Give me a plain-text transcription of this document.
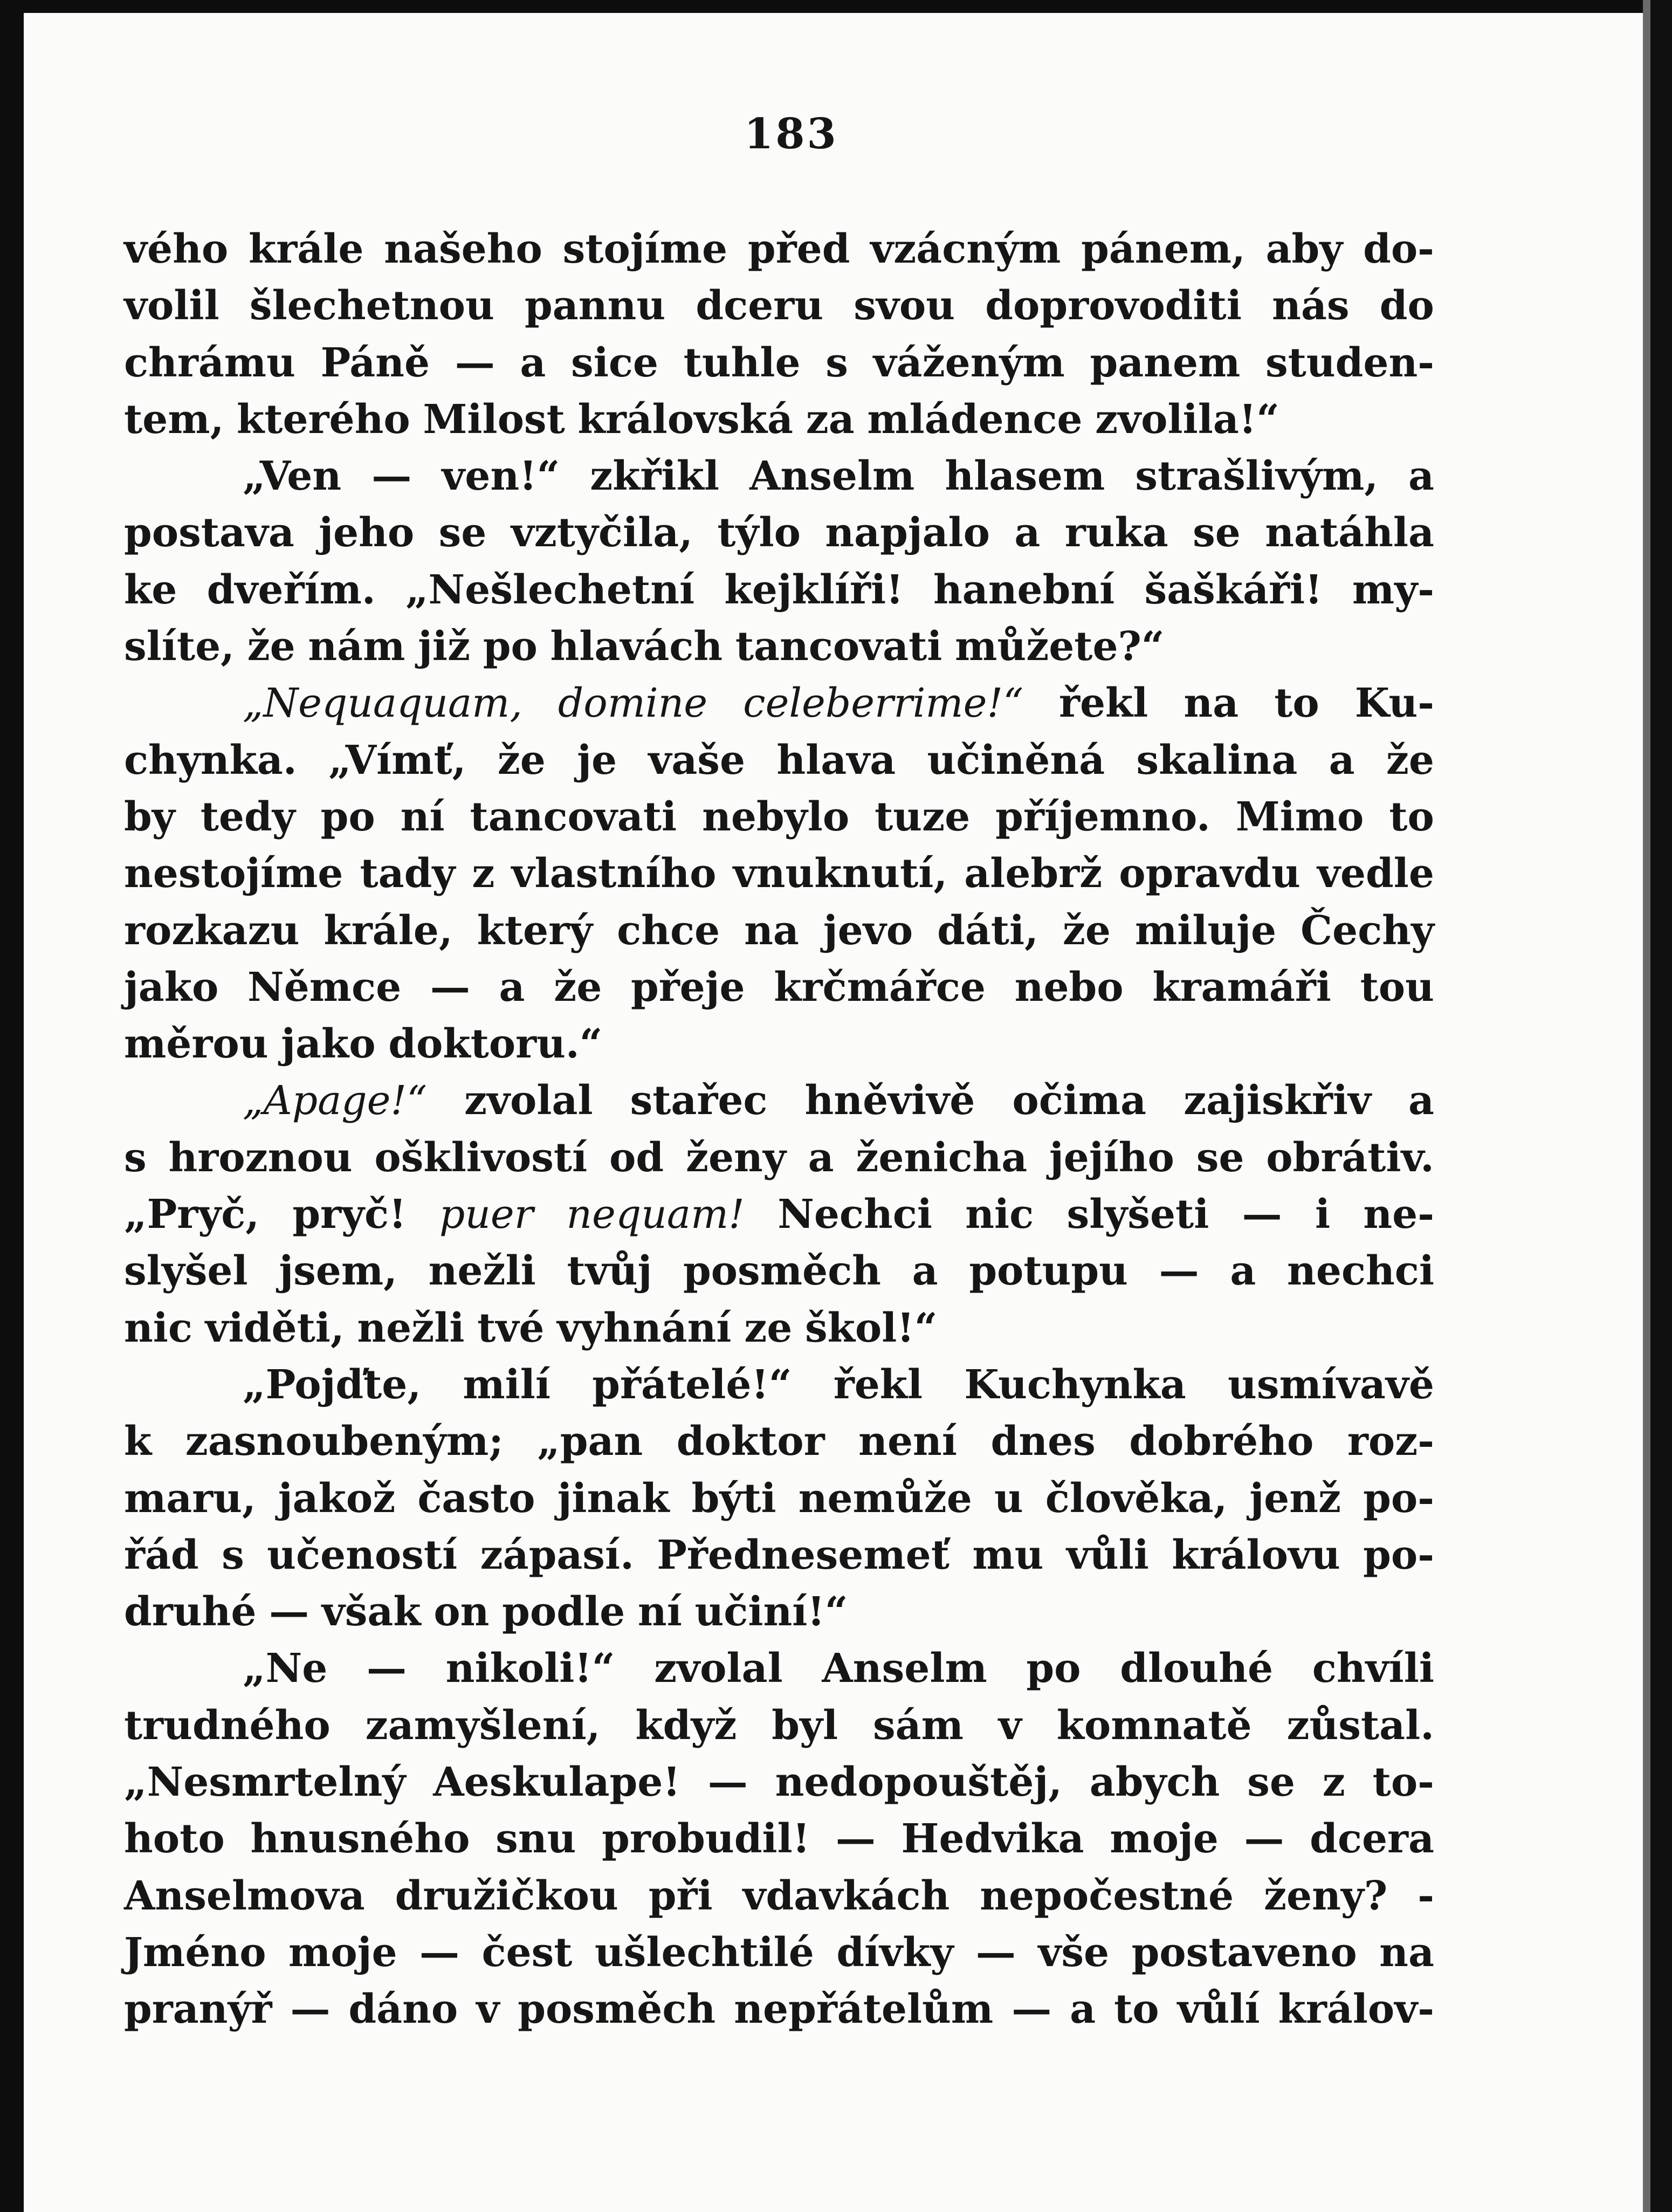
183
vého krále našeho stojíme před vzácným pánem, aby do-
volil šlechetnou pannu dceru svou doprovoditi nás do
chrámu Páně — a sice tuhle s váženým panem studen-
tem, kterého Milost královská za mládence zvolila!“
„Ven — ven!“ zkřikl Anselm hlasem strašlivým, a
postava jeho se vztyčila, týlo napjalo a ruka se natáhla
ke dveřím. „Nešlechetní kejklíři! hanební šaškáři! my-
slíte, že nám již po hlavách tancovati můžete?“
„Nequaquam, domine celeberrime!“ řekl na to Ku-
chynka. „Vímť, že je vaše hlava učiněná skalina a že
by tedy po ní tancovati nebylo tuze příjemno. Mimo to
nestojíme tady z vlastního vnuknutí, alebrž opravdu vedle
rozkazu krále, který chce na jevo dáti, že miluje Čechy
jako Němce — a že přeje krčmářce nebo kramáři tou
měrou jako doktoru.“
„Apage!“ zvolal stařec hněvivě očima zajiskřiv a
s hroznou ošklivostí od ženy a ženicha jejího se obrátiv.
„Pryč, pryč! puer nequam! Nechci nic slyšeti — i ne-
slyšel jsem, nežli tvůj posměch a potupu — a nechci
nic viděti, nežli tvé vyhnání ze škol!“
„Pojďte, milí přátelé!“ řekl Kuchynka usmívavě
k zasnoubeným; „pan doktor není dnes dobrého roz-
maru, jakož často jinak býti nemůže u člověka, jenž po-
řád s učeností zápasí. Přednesemeť mu vůli královu po-
druhé — však on podle ní učiní!“
„Ne — nikoli!“ zvolal Anselm po dlouhé chvíli
trudného zamyšlení, když byl sám v komnatě zůstal.
„Nesmrtelný Aeskulape! — nedopouštěj, abych se z to-
hoto hnusného snu probudil! — Hedvika moje — dcera
Anselmova družičkou při vdavkách nepočestné ženy? -
Jméno moje — čest ušlechtilé dívky — vše postaveno na
pranýř — dáno v posměch nepřátelům — a to vůlí králov-
